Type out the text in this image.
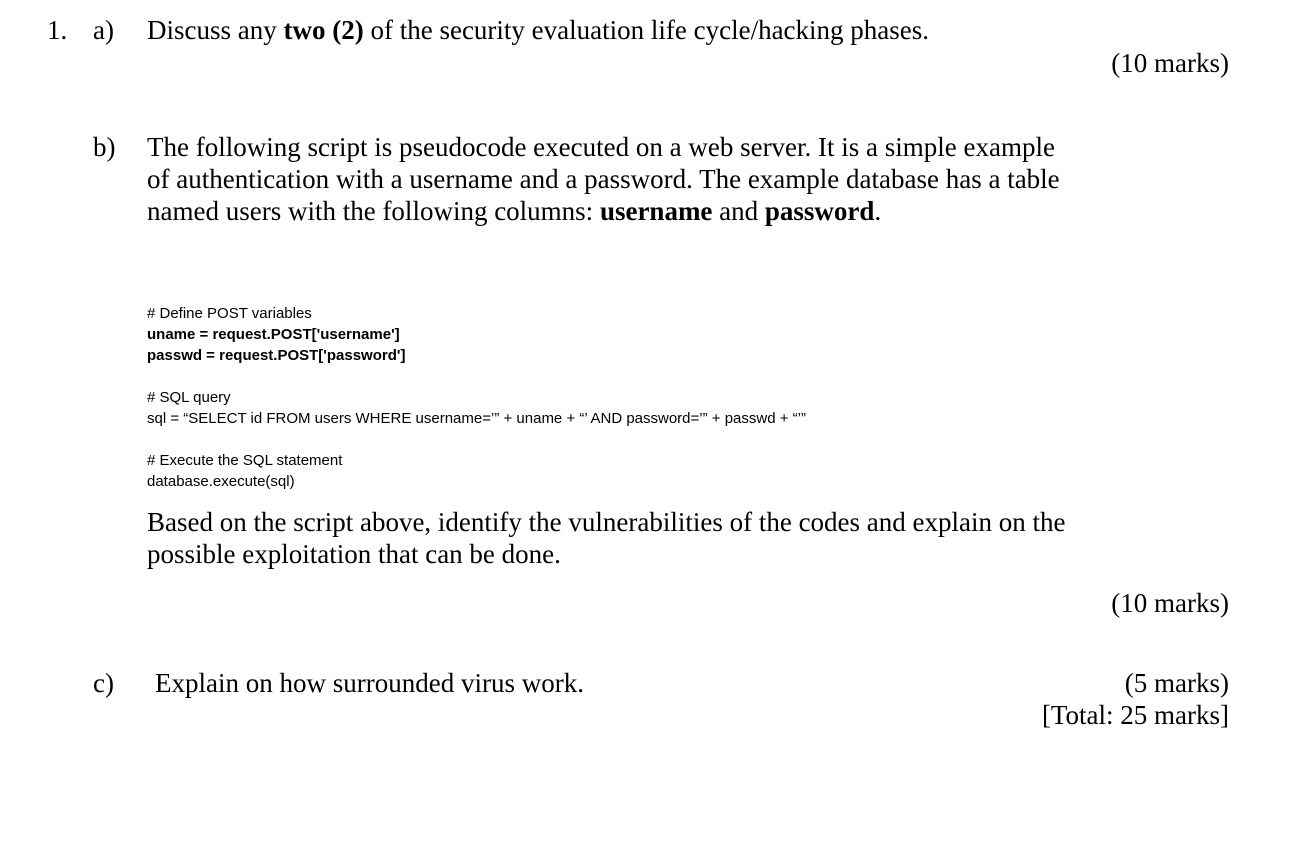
1. a) Discuss any two (2) of the security evaluation life cycle/hacking phases.
(10 marks)
b) The following script is pseudocode executed on a web server. It is a simple example
of authentication with a username and a password. The example database has a table
named users with the following columns: username and password.
# Define POST variables
uname = request.POST['username']
passwd = request.POST['password']
# SQL query
sql = “SELECT id FROM users WHERE username=’” + uname + “’ AND password=’” + passwd + “’”
# Execute the SQL statement
database.execute(sql)
Based on the script above, identify the vulnerabilities of the codes and explain on the
possible exploitation that can be done.
(10 marks)
c) Explain on how surrounded virus work.	(5 marks)
[Total: 25 marks]
